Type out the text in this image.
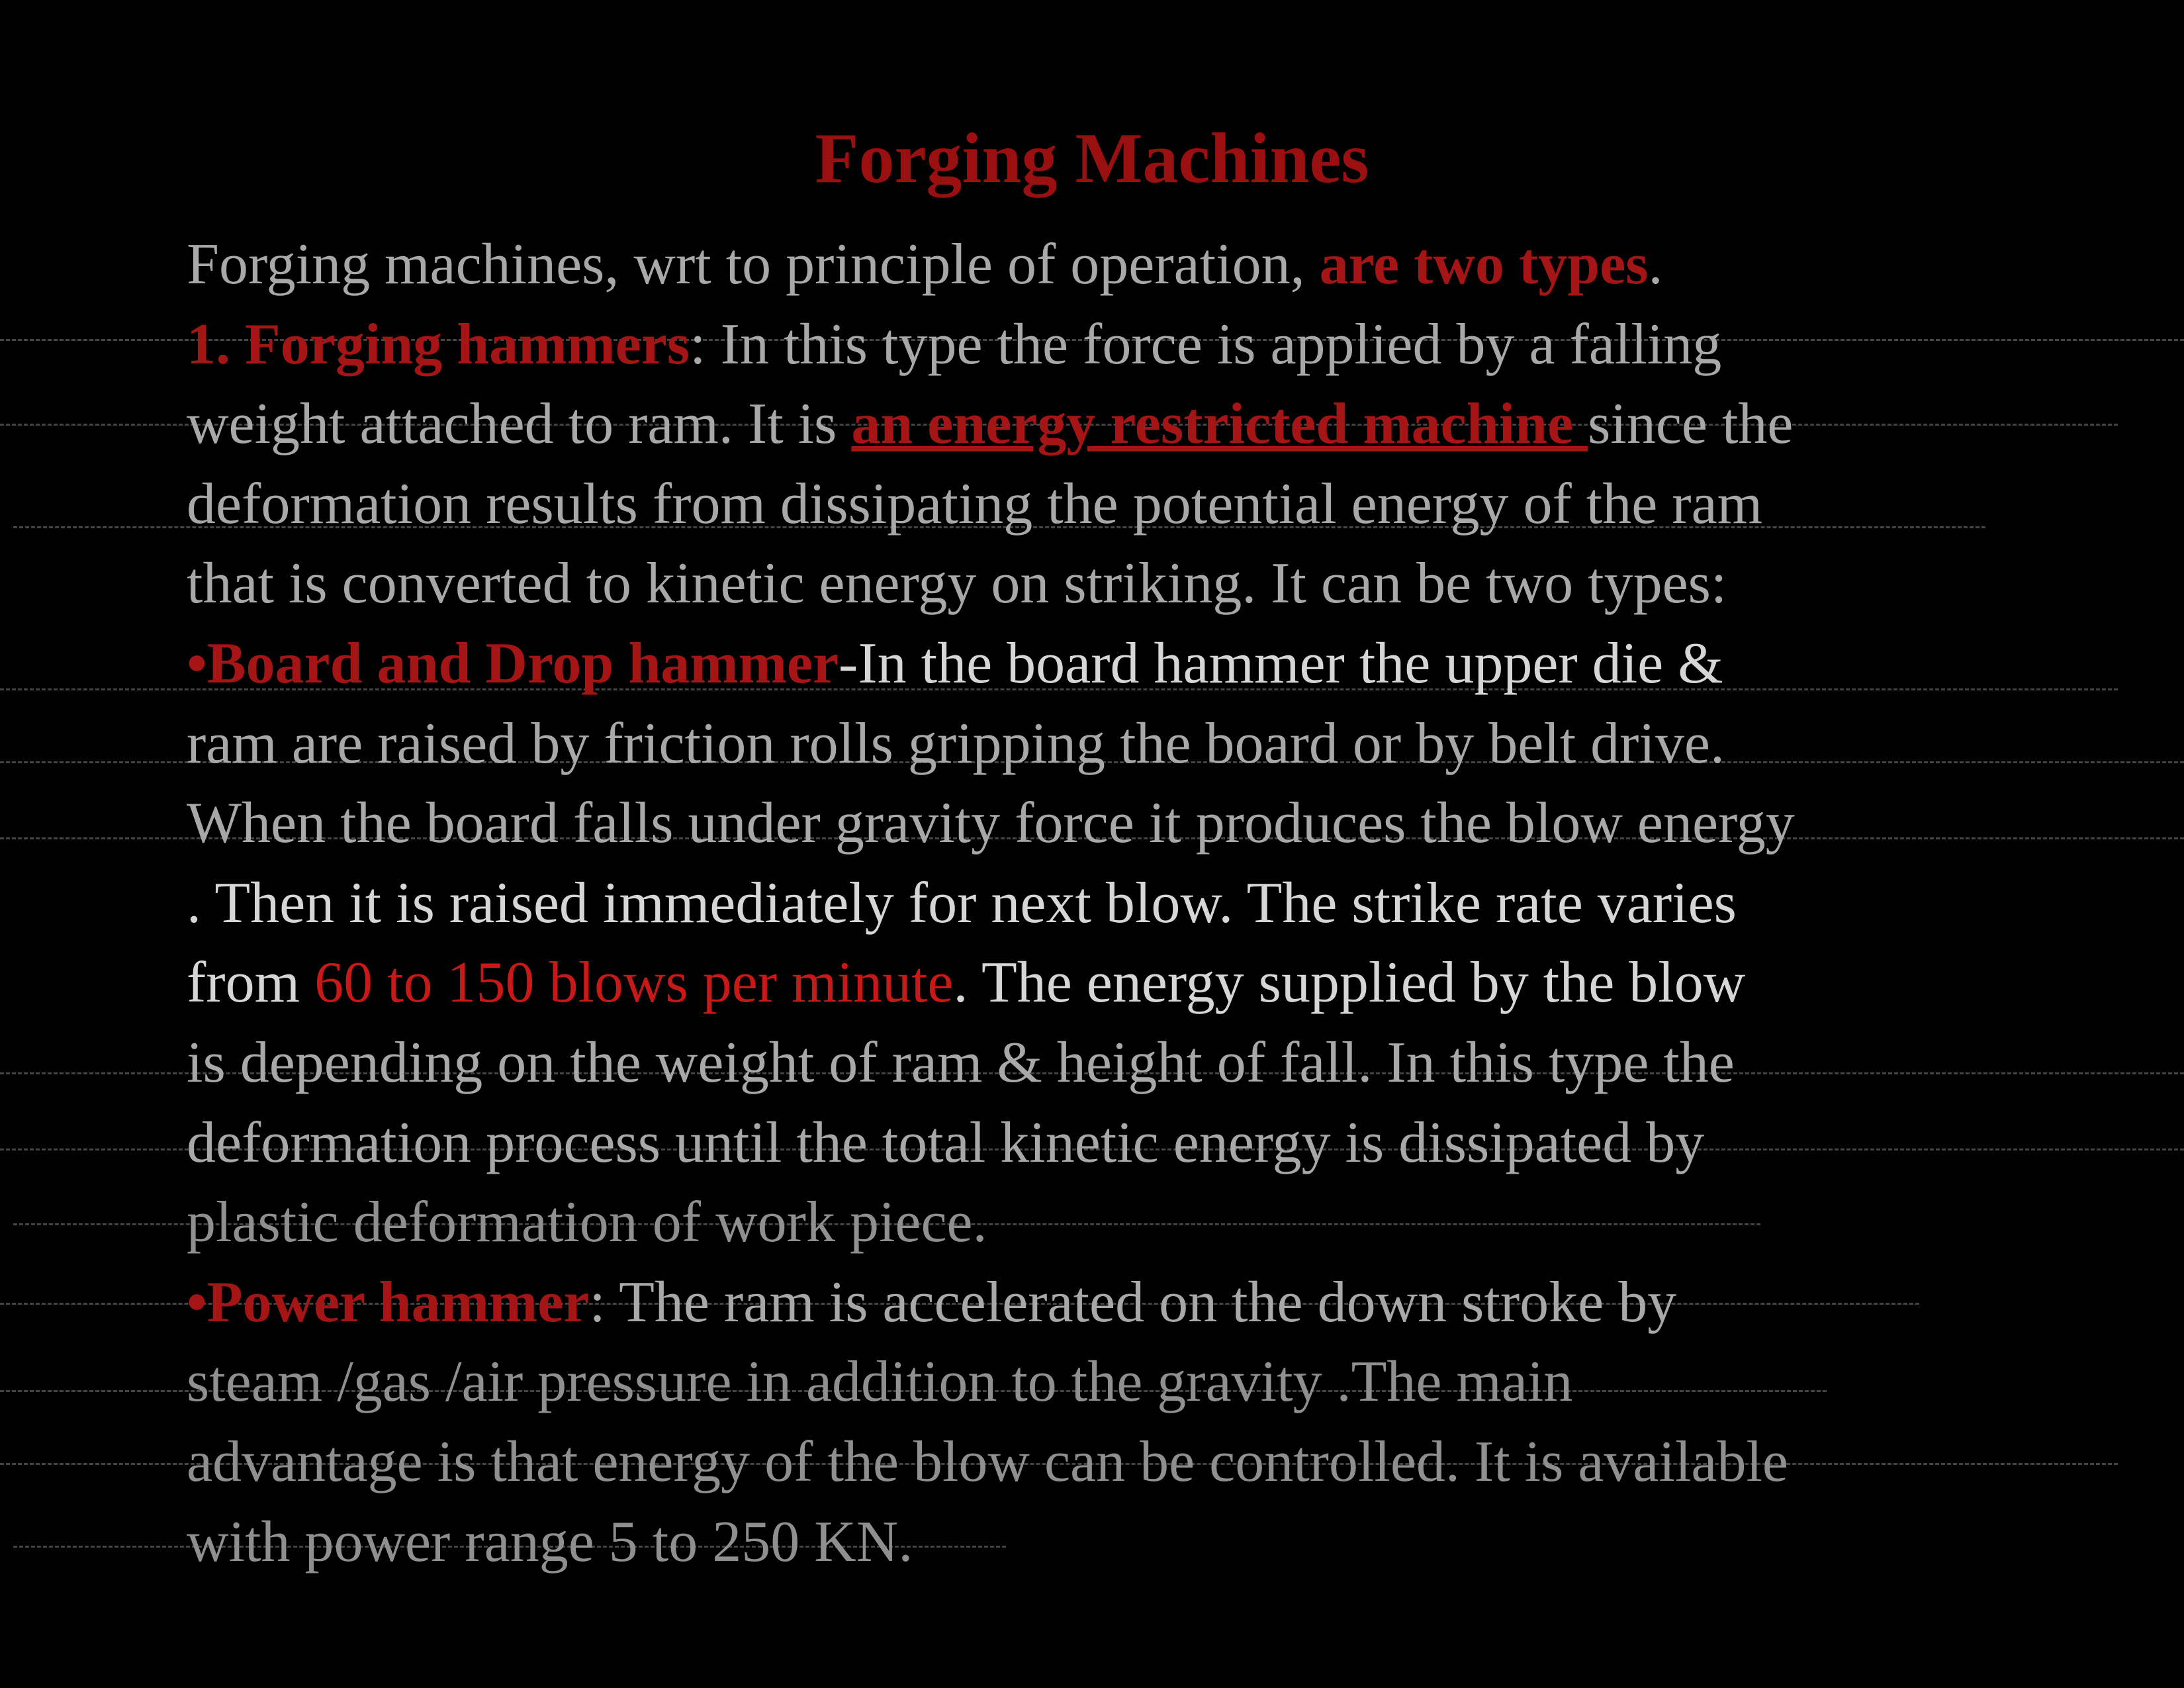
Forging Machines
Forging machines, wrt to principle of operation, are two types.
1. Forging hammers: In this type the force is applied by a falling
weight attached to ram. It is an energy restricted machine since the
deformation results from dissipating the potential energy of the ram
that is converted to kinetic energy on striking. It can be two types:
•Board and Drop hammer-In the board hammer the upper die &
ram are raised by friction rolls gripping the board or by belt drive.
When the board falls under gravity force it produces the blow energy
. Then it is raised immediately for next blow. The strike rate varies
from 60 to 150 blows per minute. The energy supplied by the blow
is depending on the weight of ram & height of fall. In this type the
deformation process until the total kinetic energy is dissipated by
plastic deformation of work piece.
•Power hammer: The ram is accelerated on the down stroke by
steam /gas /air pressure in addition to the gravity .The main
advantage is that energy of the blow can be controlled. It is available
with power range 5 to 250 KN.
